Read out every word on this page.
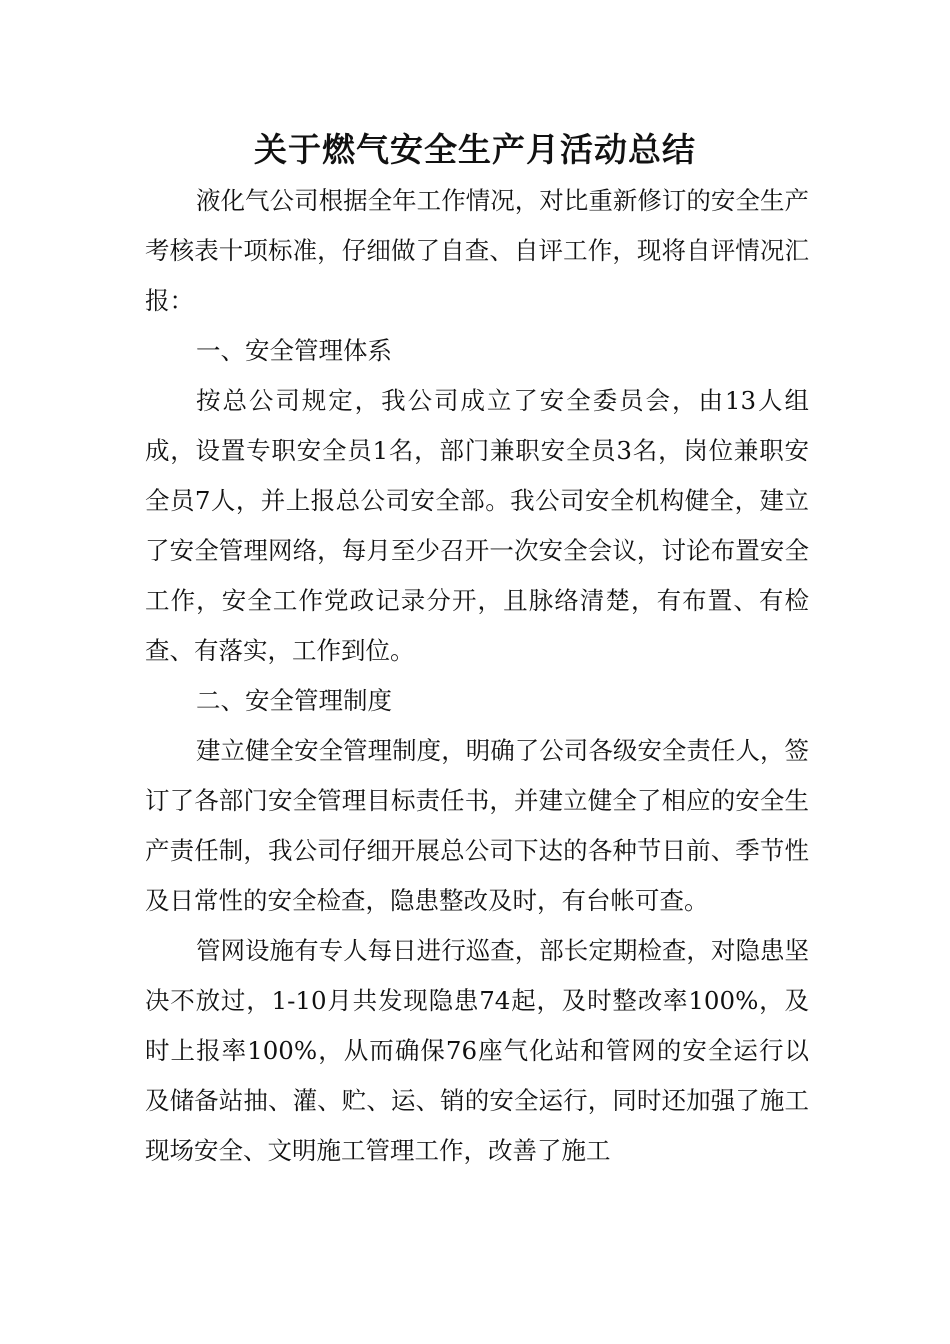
关于燃气安全生产月活动总结

液化气公司根据全年工作情况，对比重新修订的安全生产考核表十项标准，仔细做了自查、自评工作，现将自评情况汇报：

一、安全管理体系

按总公司规定，我公司成立了安全委员会，由13人组成，设置专职安全员1名，部门兼职安全员3名，岗位兼职安全员7人，并上报总公司安全部。我公司安全机构健全，建立了安全管理网络，每月至少召开一次安全会议，讨论布置安全工作，安全工作党政记录分开，且脉络清楚，有布置、有检查、有落实，工作到位。

二、安全管理制度

建立健全安全管理制度，明确了公司各级安全责任人，签订了各部门安全管理目标责任书，并建立健全了相应的安全生产责任制，我公司仔细开展总公司下达的各种节日前、季节性及日常性的安全检查，隐患整改及时，有台帐可查。

管网设施有专人每日进行巡查，部长定期检查，对隐患坚决不放过，1-10月共发现隐患74起，及时整改率100%，及时上报率100%，从而确保76座气化站和管网的安全运行以及储备站抽、灌、贮、运、销的安全运行，同时还加强了施工现场安全、文明施工管理工作，改善了施工
